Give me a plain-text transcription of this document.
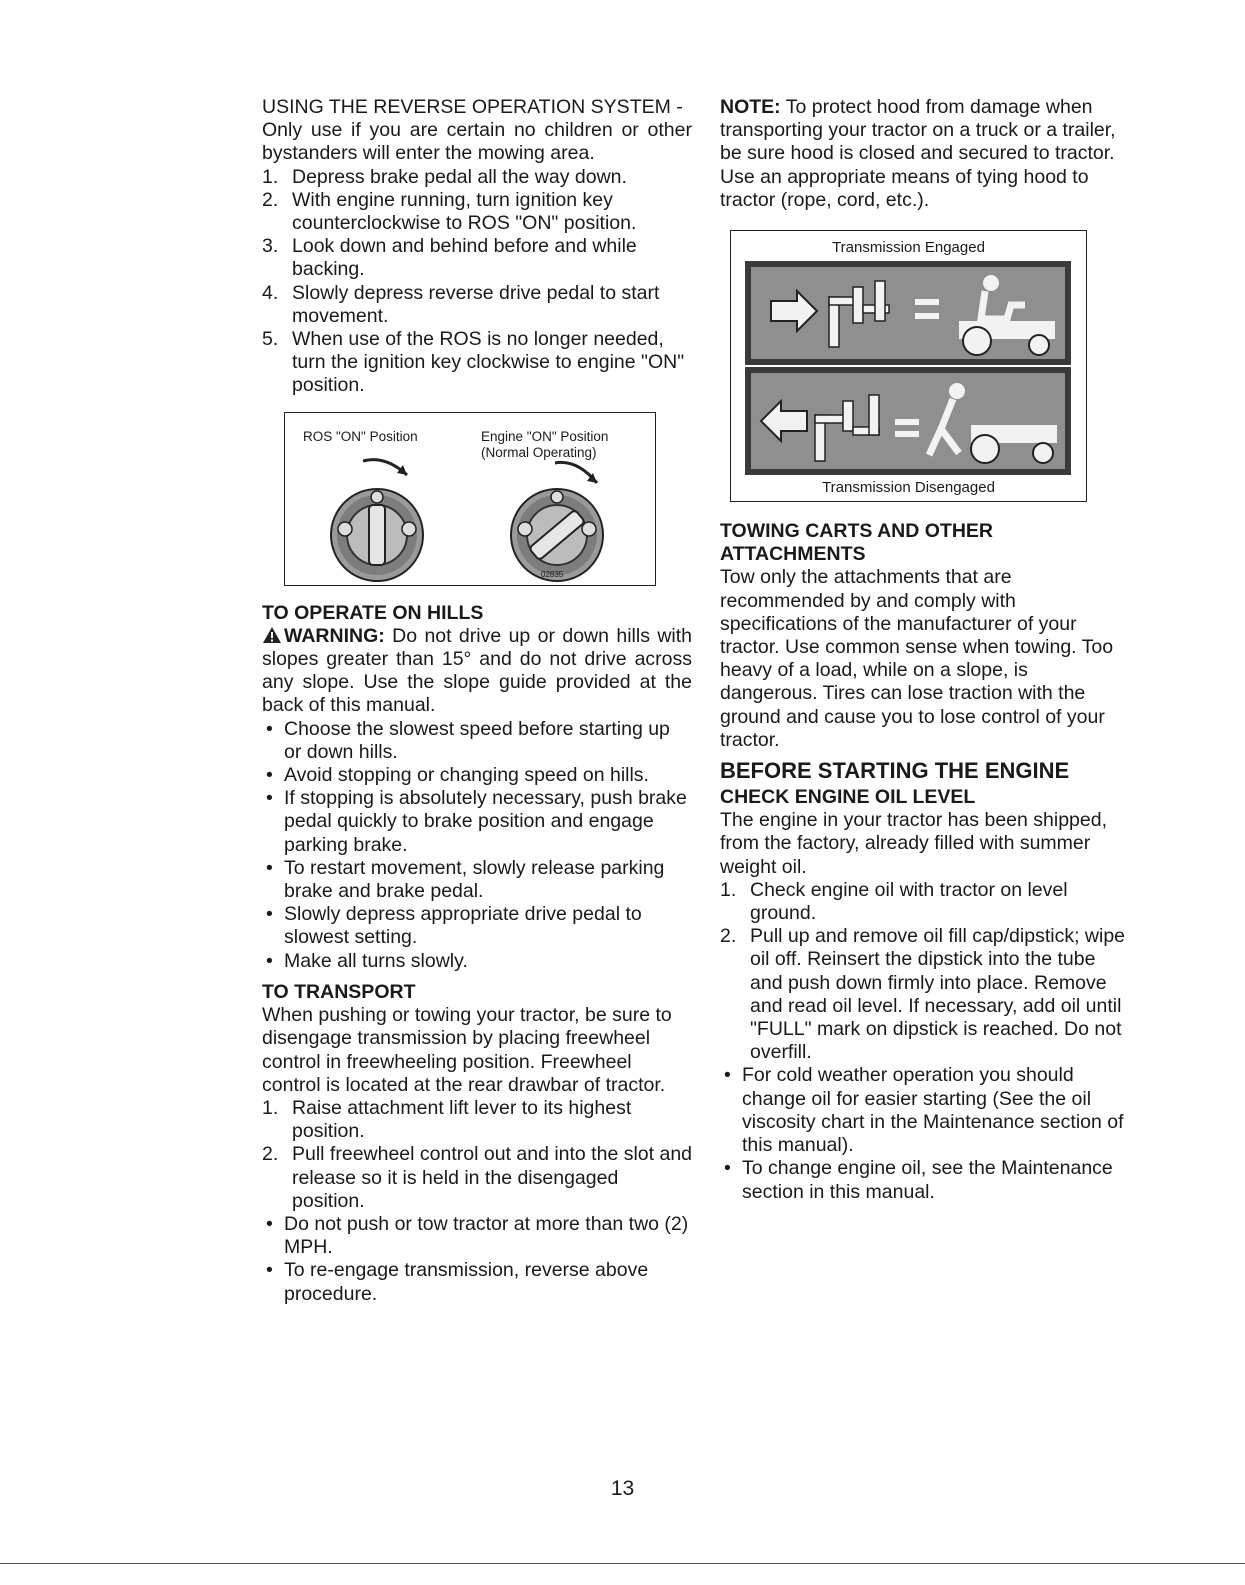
USING THE REVERSE OPERATION SYSTEM -

Only use if you are certain no children or other bystanders will enter the mowing area.

1. Depress brake pedal all the way down.
2. With engine running, turn ignition key counterclockwise to ROS "ON" position.
3. Look down and behind before and while backing.
4. Slowly depress reverse drive pedal to start movement.
5. When use of the ROS is no longer needed, turn the ignition key clockwise to engine "ON" position.
ROS "ON" Position	Engine "ON" Position
(Normal Operating)
02835

TO OPERATE ON HILLS

WARNING: Do not drive up or down hills with slopes greater than 15° and do not drive across any slope. Use the slope guide provided at the back of this manual.

• Choose the slowest speed before starting up or down hills.
• Avoid stopping or changing speed on hills.
• If stopping is absolutely necessary, push brake pedal quickly to brake position and engage parking brake.
• To restart movement, slowly release parking brake and brake pedal.
• Slowly depress appropriate drive pedal to slowest setting.
• Make all turns slowly.

TO TRANSPORT

When pushing or towing your tractor, be sure to disengage transmission by placing freewheel control in freewheeling position. Freewheel control is located at the rear drawbar of tractor.

1. Raise attachment lift lever to its highest position.
2. Pull freewheel control out and into the slot and release so it is held in the disengaged position.
• Do not push or tow tractor at more than two (2) MPH.
• To re-engage transmission, reverse above procedure.

NOTE: To protect hood from damage when transporting your tractor on a truck or a trailer, be sure hood is closed and secured to tractor. Use an appropriate means of tying hood to tractor (rope, cord, etc.).

Transmission Engaged
Transmission Disengaged

TOWING CARTS AND OTHER ATTACHMENTS

Tow only the attachments that are recommended by and comply with specifications of the manufacturer of your tractor. Use common sense when towing. Too heavy of a load, while on a slope, is dangerous. Tires can lose traction with the ground and cause you to lose control of your tractor.

BEFORE STARTING THE ENGINE

CHECK ENGINE OIL LEVEL

The engine in your tractor has been shipped, from the factory, already filled with summer weight oil.

1. Check engine oil with tractor on level ground.
2. Pull up and remove oil fill cap/dipstick; wipe oil off. Reinsert the dipstick into the tube and push down firmly into place. Remove and read oil level. If necessary, add oil until "FULL" mark on dipstick is reached. Do not overfill.
• For cold weather operation you should change oil for easier starting (See the oil viscosity chart in the Maintenance section of this manual).
• To change engine oil, see the Maintenance section in this manual.
13
